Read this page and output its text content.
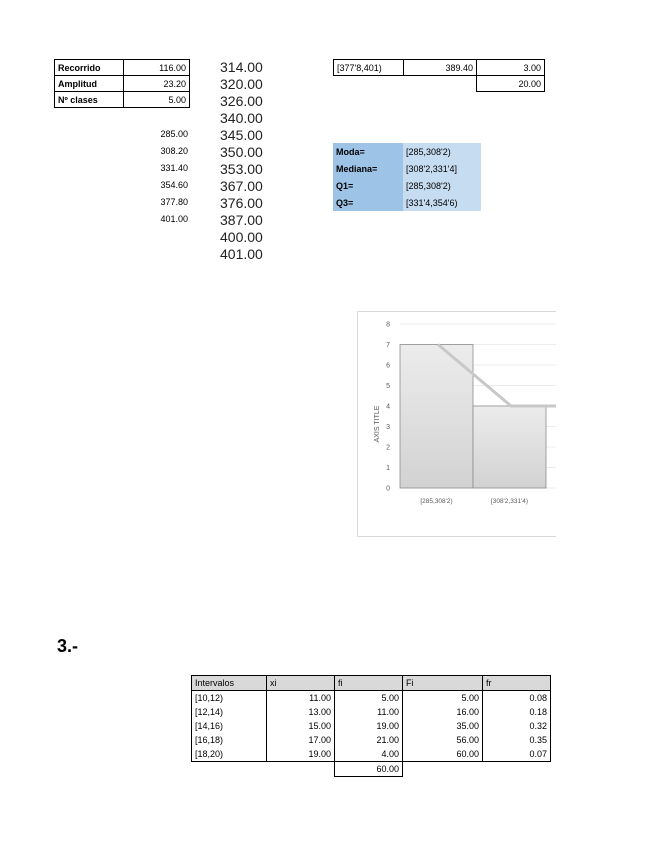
Recorrido	116.00
Amplitud	23.20
Nº clases	5.00
285.00
308.20
331.40
354.60
377.80
401.00
314.00
320.00
326.00
340.00
345.00
350.00
353.00
367.00
376.00
387.00
400.00
401.00
[377'8,401)	389.40	3.00
		20.00
Moda=	[285,308'2)
Mediana=	[308'2,331'4]
Q1=	[285,308'2)
Q3=	[331'4,354'6)
0
1
2
3
4
5
6
7
8
[285,308'2)	[308'2,331'4)
AXIS TITLE
3.-
Intervalos	xi	fi	Fi	fr
[10,12)	11.00	5.00	5.00	0.08
[12,14)	13.00	11.00	16.00	0.18
[14,16)	15.00	19.00	35.00	0.32
[16,18)	17.00	21.00	56.00	0.35
[18,20)	19.00	4.00	60.00	0.07
		60.00		
